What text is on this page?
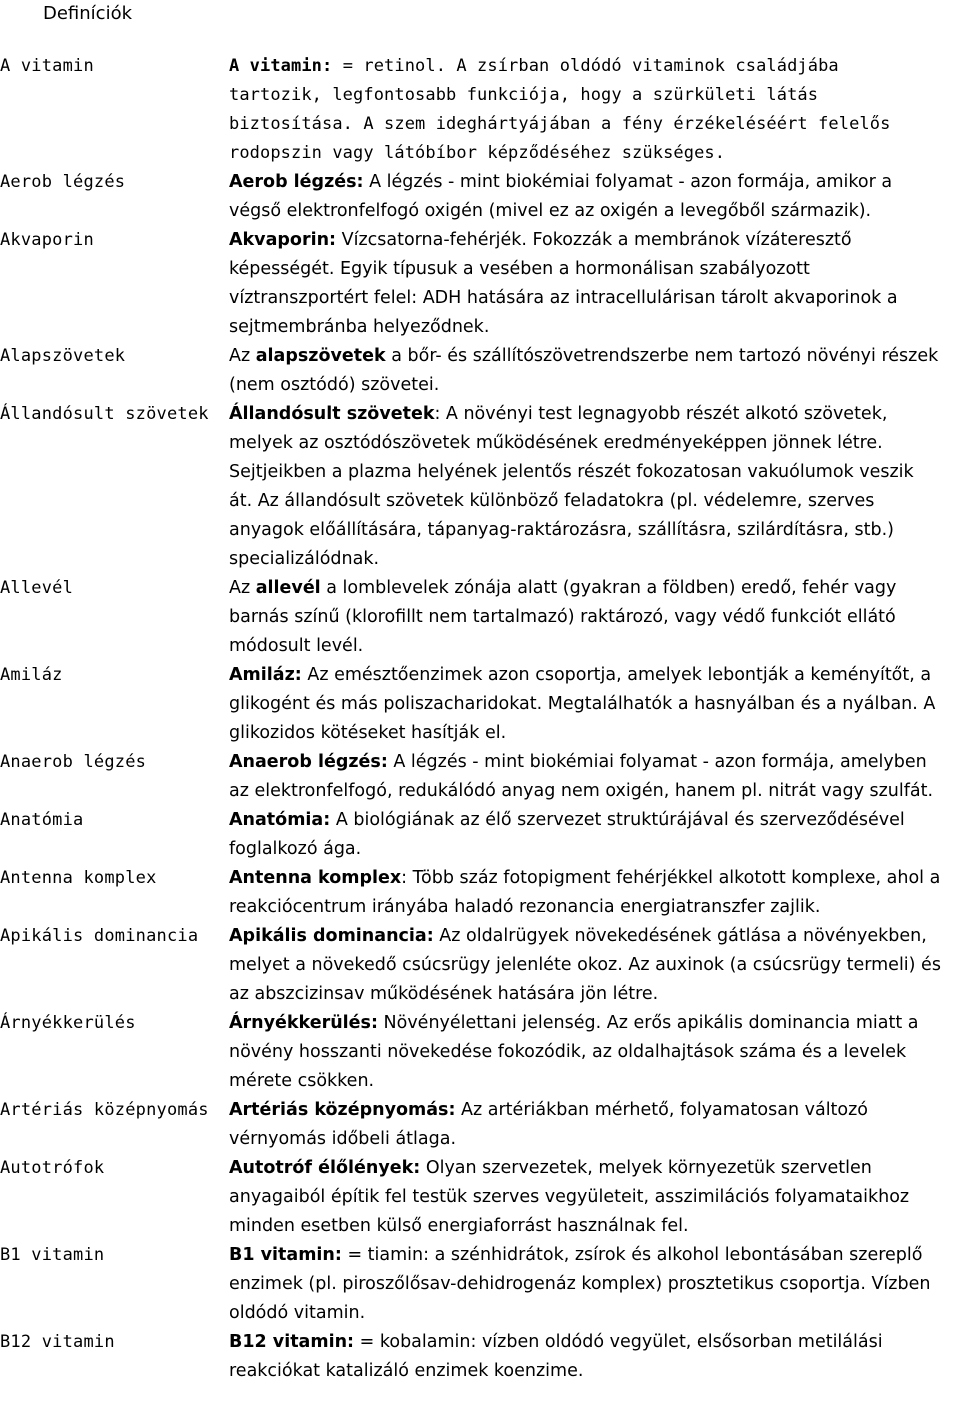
Definíciók
A vitamin	A vitamin: = retinol. A zsírban oldódó vitaminok családjába tartozik, legfontosabb funkciója, hogy a szürkületi látás biztosítása. A szem ideghártyájában a fény érzékeléséért felelős rodopszin vagy látóbíbor képződéséhez szükséges.
Aerob légzés	Aerob légzés: A légzés - mint biokémiai folyamat - azon formája, amikor a végső elektronfelfogó oxigén (mivel ez az oxigén a levegőből származik).
Akvaporin	Akvaporin: Vízcsatorna-fehérjék. Fokozzák a membránok vízáteresztő képességét. Egyik típusuk a vesében a hormonálisan szabályozott víztranszportért felel: ADH hatására az intracellulárisan tárolt akvaporinok a sejtmembránba helyeződnek.
Alapszövetek	Az alapszövetek a bőr- és szállítószövetrendszerbe nem tartozó növényi részek (nem osztódó) szövetei.
Állandósult szövetek	Állandósult szövetek: A növényi test legnagyobb részét alkotó szövetek, melyek az osztódószövetek működésének eredményeképpen jönnek létre. Sejtjeikben a plazma helyének jelentős részét fokozatosan vakuólumok veszik át. Az állandósult szövetek különböző feladatokra (pl. védelemre, szerves anyagok előállítására, tápanyag-raktározásra, szállításra, szilárdításra, stb.) specializálódnak.
Allevél	Az allevél a lomblevelek zónája alatt (gyakran a földben) eredő, fehér vagy barnás színű (klorofillt nem tartalmazó) raktározó, vagy védő funkciót ellátó módosult levél.
Amiláz	Amiláz: Az emésztőenzimek azon csoportja, amelyek lebontják a keményítőt, a glikogént és más poliszacharidokat. Megtalálhatók a hasnyálban és a nyálban. A glikozidos kötéseket hasítják el.
Anaerob légzés	Anaerob légzés: A légzés - mint biokémiai folyamat - azon formája, amelyben az elektronfelfogó, redukálódó anyag nem oxigén, hanem pl. nitrát vagy szulfát.
Anatómia	Anatómia: A biológiának az élő szervezet struktúrájával és szerveződésével foglalkozó ága.
Antenna komplex	Antenna komplex: Több száz fotopigment fehérjékkel alkotott komplexe, ahol a reakciócentrum irányába haladó rezonancia energiatranszfer zajlik.
Apikális dominancia	Apikális dominancia: Az oldalrügyek növekedésének gátlása a növényekben, melyet a növekedő csúcsrügy jelenléte okoz. Az auxinok (a csúcsrügy termeli) és az abszcizinsav működésének hatására jön létre.
Árnyékkerülés	Árnyékkerülés: Növényélettani jelenség. Az erős apikális dominancia miatt a növény hosszanti növekedése fokozódik, az oldalhajtások száma és a levelek mérete csökken.
Artériás középnyomás	Artériás középnyomás: Az artériákban mérhető, folyamatosan változó vérnyomás időbeli átlaga.
Autotrófok	Autotróf élőlények: Olyan szervezetek, melyek környezetük szervetlen anyagaiból építik fel testük szerves vegyületeit, asszimilációs folyamataikhoz minden esetben külső energiaforrást használnak fel.
B1 vitamin	B1 vitamin: = tiamin: a szénhidrátok, zsírok és alkohol lebontásában szereplő enzimek (pl. piroszőlősav-dehidrogenáz komplex) prosztetikus csoportja. Vízben oldódó vitamin.
B12 vitamin	B12 vitamin: = kobalamin: vízben oldódó vegyület, elsősorban metilálási reakciókat katalizáló enzimek koenzime.
